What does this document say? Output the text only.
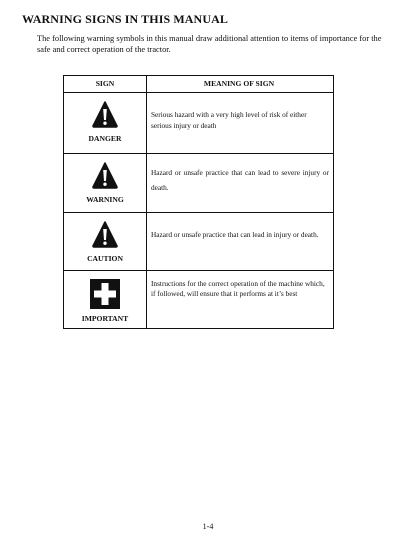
WARNING SIGNS IN THIS MANUAL
The following warning symbols in this manual draw additional attention to items of importance for the safe and correct operation of the tractor.
SIGN	MEANING OF SIGN
DANGER
Serious hazard with a very high level of risk of either serious injury or death
WARNING
Hazard or unsafe practice that can lead to severe injury or death.
CAUTION
Hazard or unsafe practice that can lead in injury or death.
IMPORTANT
Instructions for the correct operation of the machine which, if followed, will ensure that it performs at it’s best
1-4
